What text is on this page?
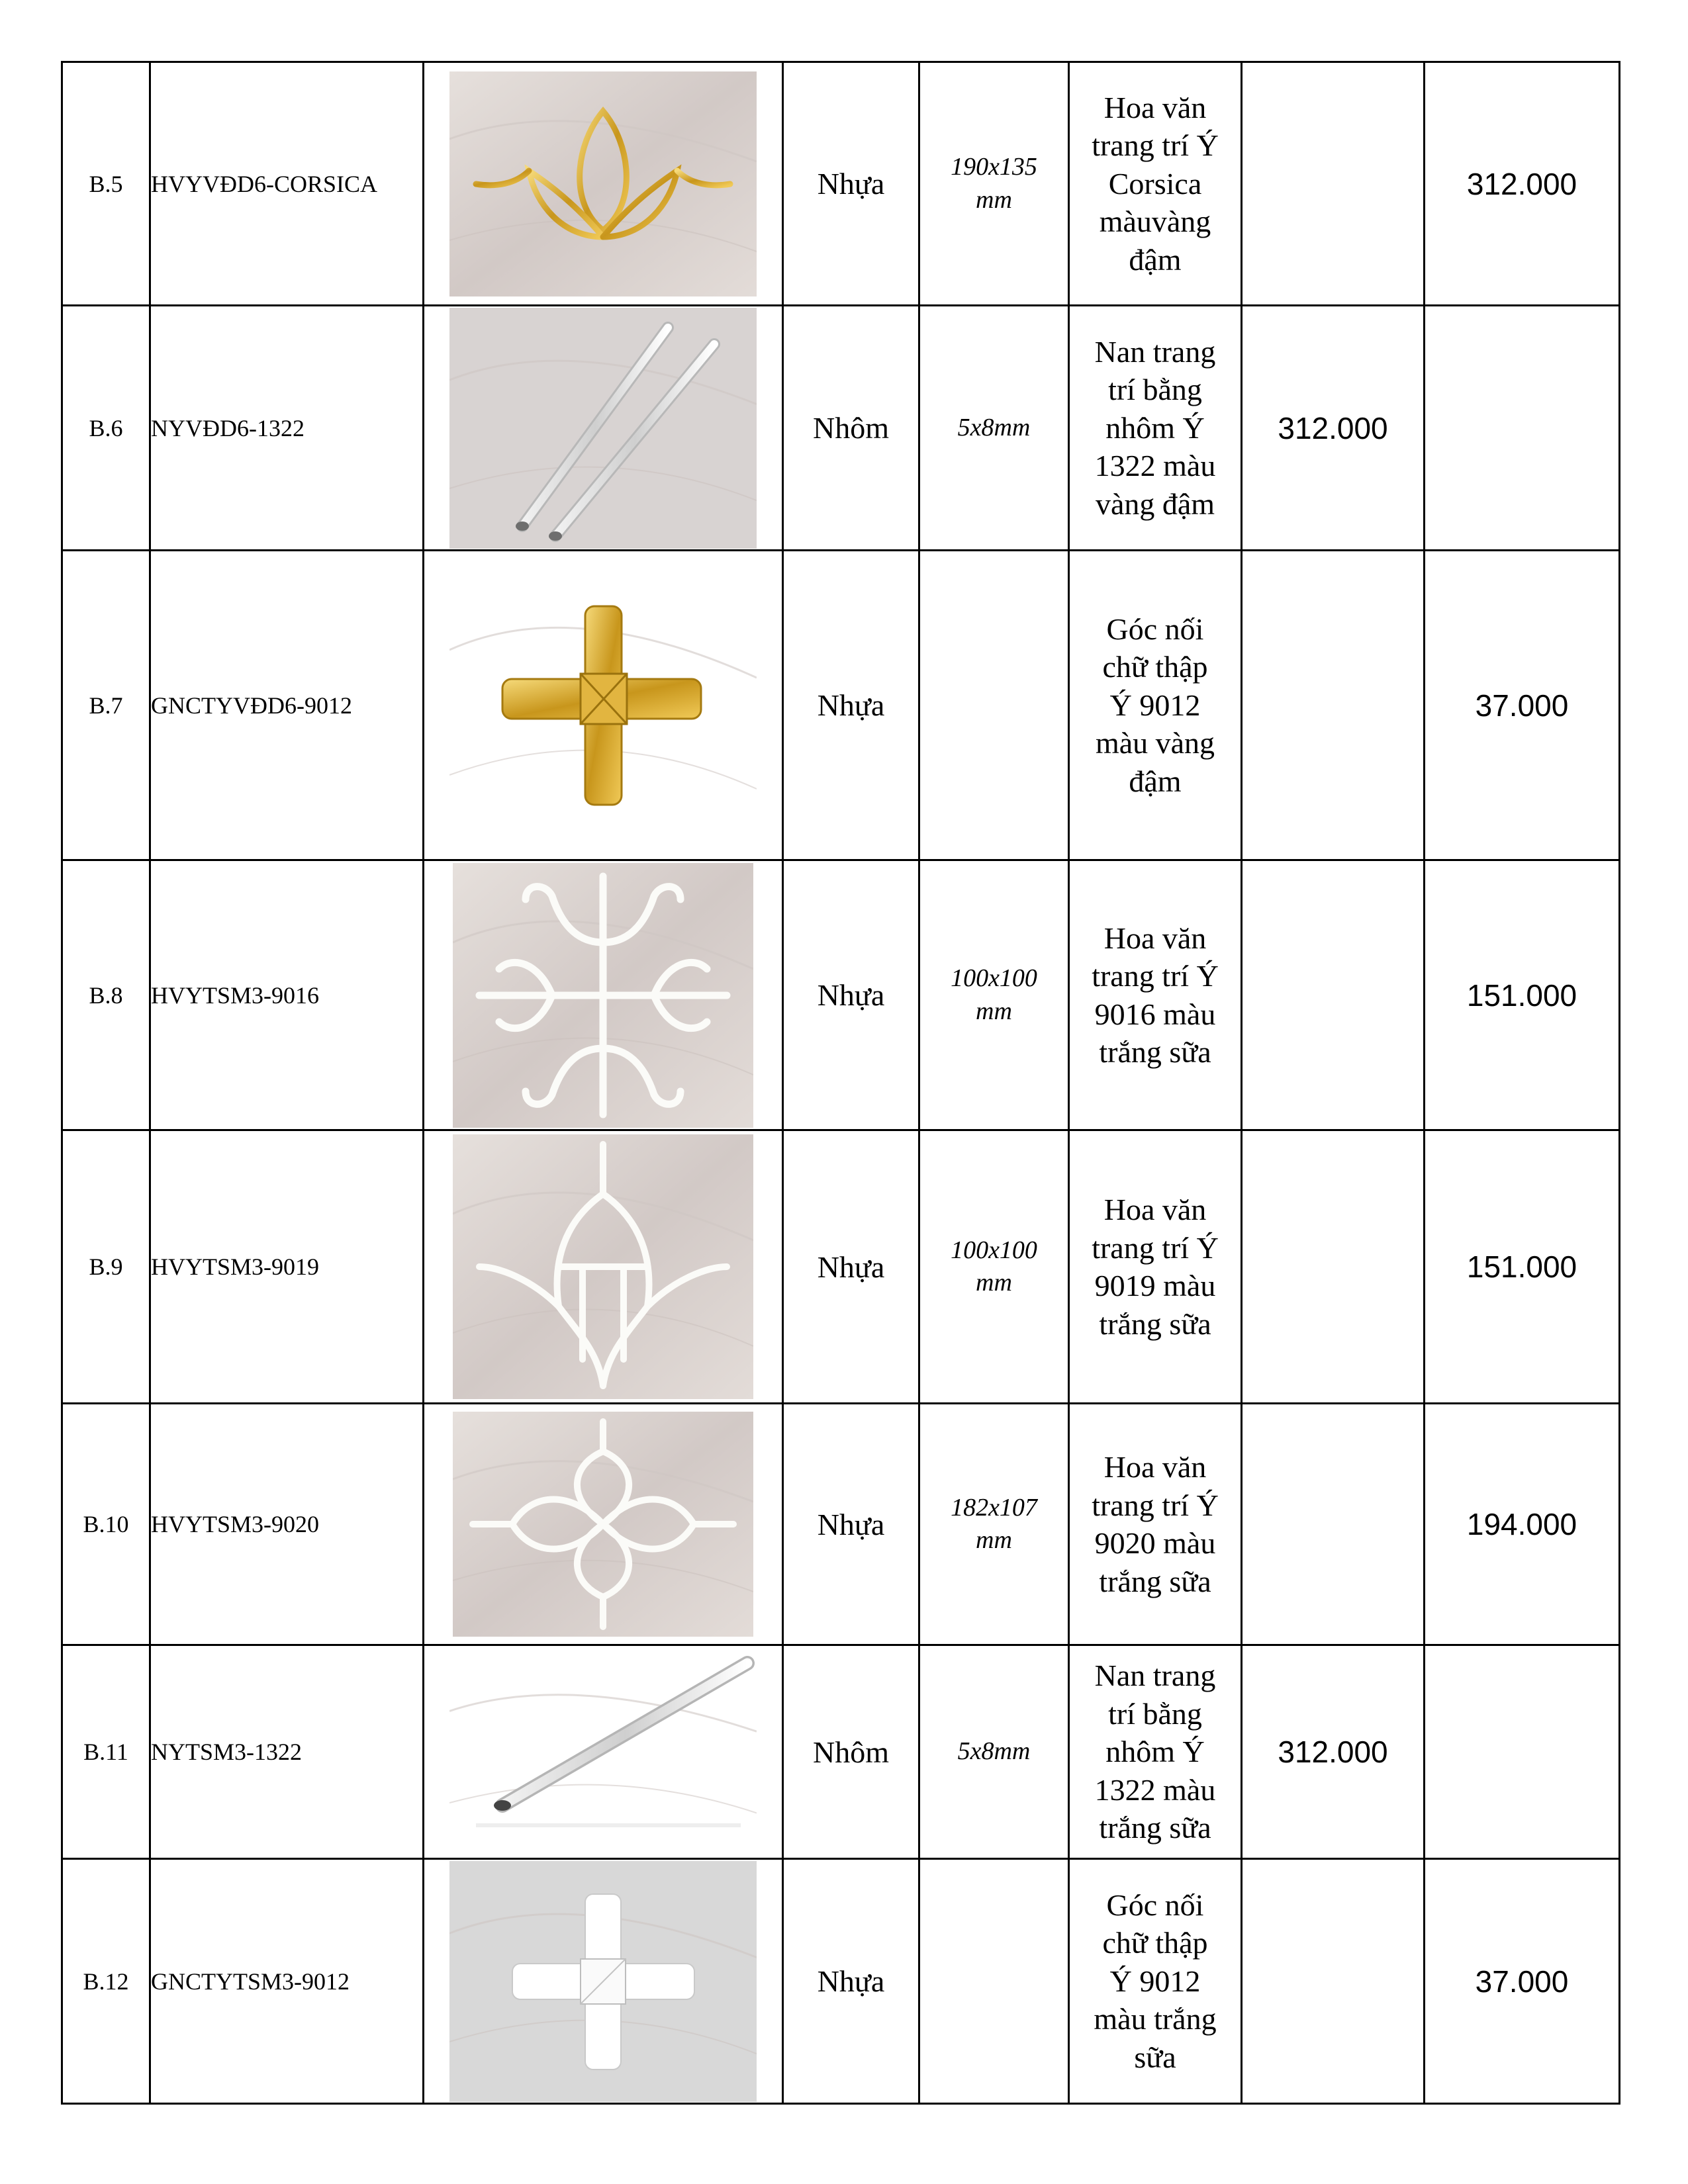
B.5	HVYVĐD6-CORSICA		Nhựa	190x135
mm	Hoa văn
trang trí Ý
Corsica
màuvàng
đậm		312.000
B.6	NYVĐD6-1322		Nhôm	5x8mm	Nan trang
trí bằng
nhôm Ý
1322 màu
vàng đậm	312.000	
B.7	GNCTYVĐD6-9012		Nhựa		Góc nối
chữ thập
Ý 9012
màu vàng
đậm		37.000
B.8	HVYTSM3-9016		Nhựa	100x100
mm	Hoa văn
trang trí Ý
9016 màu
trắng sữa		151.000
B.9	HVYTSM3-9019		Nhựa	100x100
mm	Hoa văn
trang trí Ý
9019 màu
trắng sữa		151.000
B.10	HVYTSM3-9020		Nhựa	182x107
mm	Hoa văn
trang trí Ý
9020 màu
trắng sữa		194.000
B.11	NYTSM3-1322		Nhôm	5x8mm	Nan trang
trí bằng
nhôm Ý
1322 màu
trắng sữa	312.000	
B.12	GNCTYTSM3-9012		Nhựa		Góc nối
chữ thập
Ý 9012
màu trắng
sữa		37.000
